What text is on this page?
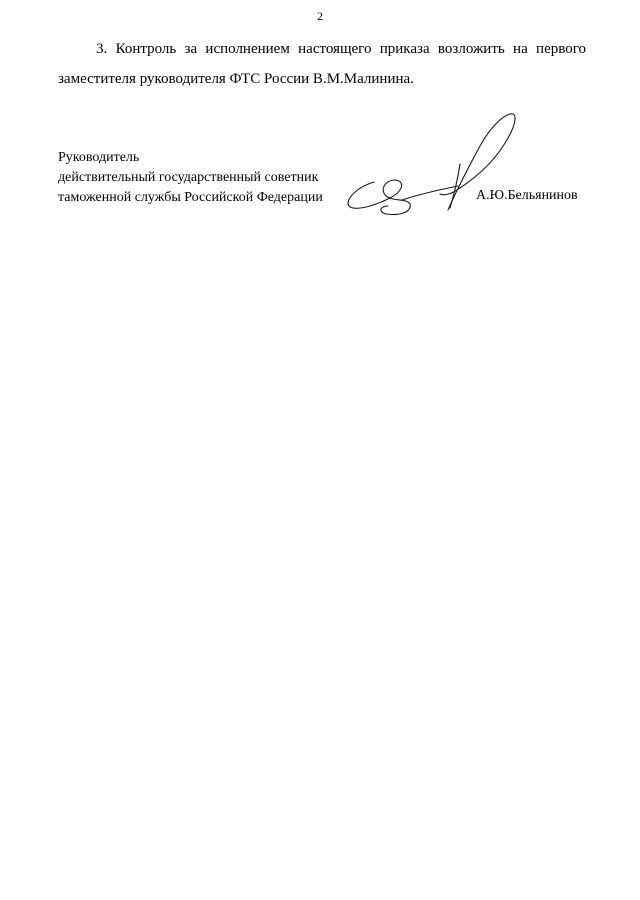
2

3. Контроль за исполнением настоящего приказа возложить на первого заместителя руководителя ФТС России В.М.Малинина.

Руководитель
действительный государственный советник
таможенной службы Российской Федерации	А.Ю.Бельянинов
